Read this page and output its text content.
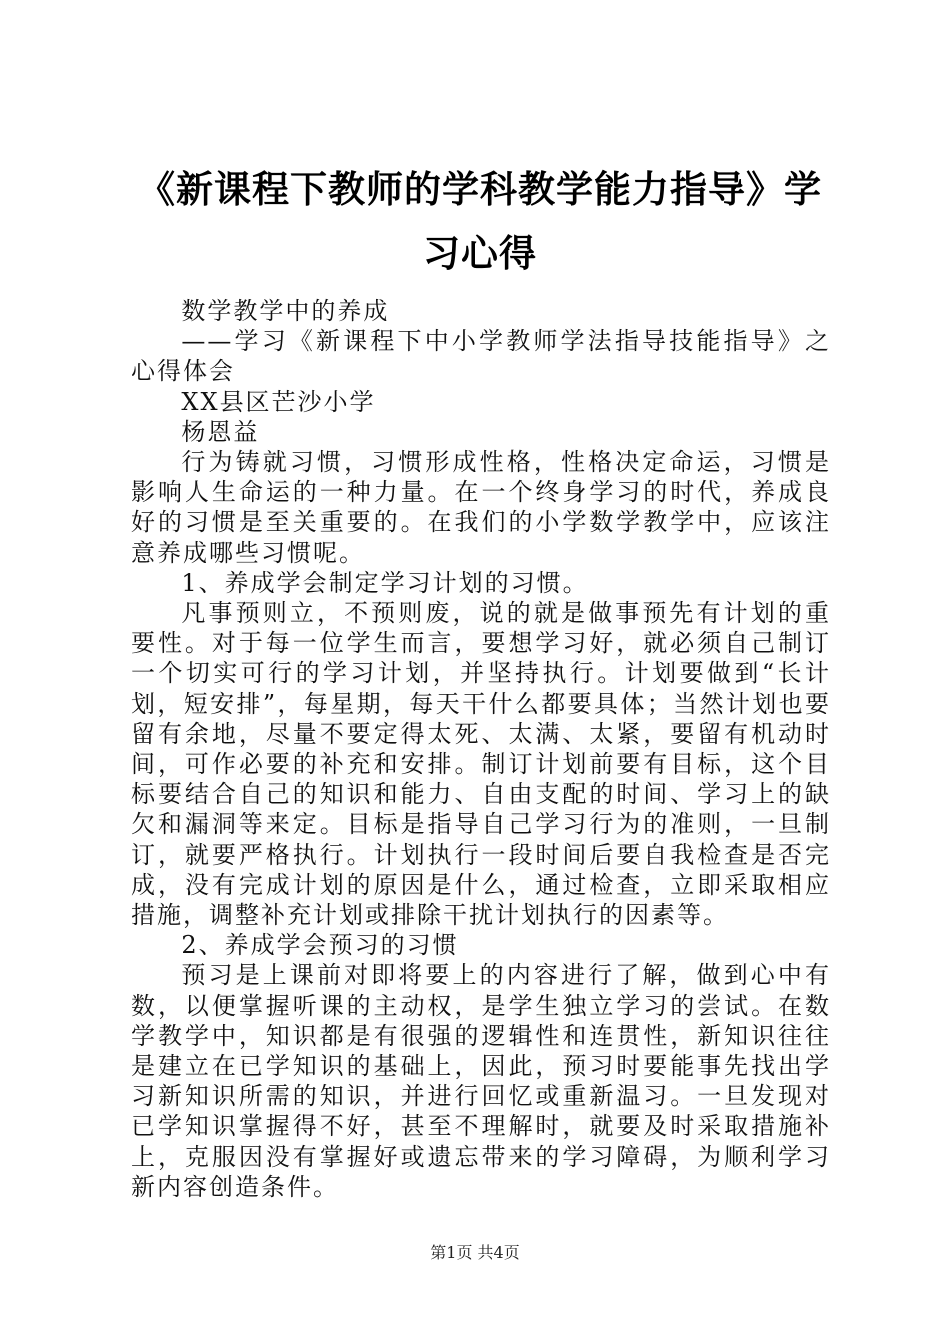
《新课程下教师的学科教学能力指导》学习心得

数学教学中的养成

——学习《新课程下中小学教师学法指导技能指导》之心得体会

XX县区芒沙小学

杨恩益

行为铸就习惯，习惯形成性格，性格决定命运，习惯是影响人生命运的一种力量。在一个终身学习的时代，养成良好的习惯是至关重要的。在我们的小学数学教学中，应该注意养成哪些习惯呢。

1、养成学会制定学习计划的习惯。

凡事预则立，不预则废，说的就是做事预先有计划的重要性。对于每一位学生而言，要想学习好，就必须自己制订一个切实可行的学习计划，并坚持执行。计划要做到“长计划，短安排”，每星期，每天干什么都要具体；当然计划也要留有余地，尽量不要定得太死、太满、太紧，要留有机动时间，可作必要的补充和安排。制订计划前要有目标，这个目标要结合自己的知识和能力、自由支配的时间、学习上的缺欠和漏洞等来定。目标是指导自己学习行为的准则，一旦制订，就要严格执行。计划执行一段时间后要自我检查是否完成，没有完成计划的原因是什么，通过检查，立即采取相应措施，调整补充计划或排除干扰计划执行的因素等。

2、养成学会预习的习惯

预习是上课前对即将要上的内容进行了解，做到心中有数，以便掌握听课的主动权，是学生独立学习的尝试。在数学教学中，知识都是有很强的逻辑性和连贯性，新知识往往是建立在已学知识的基础上，因此，预习时要能事先找出学习新知识所需的知识，并进行回忆或重新温习。一旦发现对已学知识掌握得不好，甚至不理解时，就要及时采取措施补上，克服因没有掌握好或遗忘带来的学习障碍，为顺利学习新内容创造条件。

第1页 共4页
